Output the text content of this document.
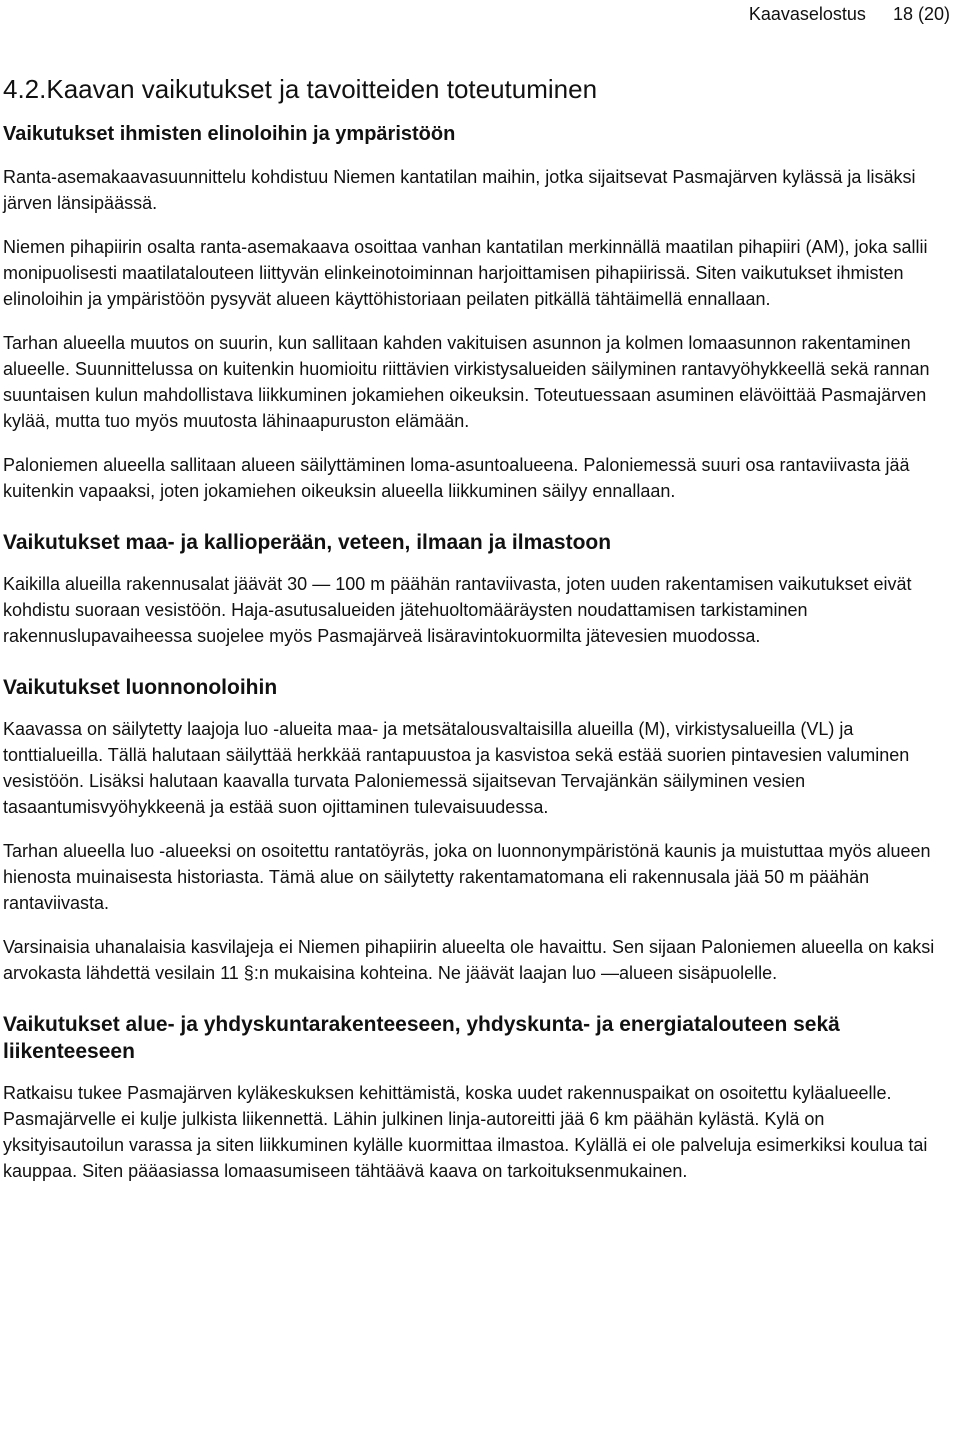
Kaavaselostus 18 (20)
4.2.Kaavan vaikutukset ja tavoitteiden toteutuminen
Vaikutukset ihmisten elinoloihin ja ympäristöön

Ranta-asemakaavasuunnittelu kohdistuu Niemen kantatilan maihin, jotka sijaitsevat Pasmajärven kylässä ja lisäksi järven länsipäässä.

Niemen pihapiirin osalta ranta-asemakaava osoittaa vanhan kantatilan merkinnällä maatilan pihapiiri (AM), joka sallii monipuolisesti maatilatalouteen liittyvän elinkeinotoiminnan harjoittamisen pihapiirissä. Siten vaikutukset ihmisten elinoloihin ja ympäristöön pysyvät alueen käyttöhistoriaan peilaten pitkällä tähtäimellä ennallaan.

Tarhan alueella muutos on suurin, kun sallitaan kahden vakituisen asunnon ja kolmen lomaasunnon rakentaminen alueelle. Suunnittelussa on kuitenkin huomioitu riittävien virkistysalueiden säilyminen rantavyöhykkeellä sekä rannan suuntaisen kulun mahdollistava liikkuminen jokamiehen oikeuksin. Toteutuessaan asuminen elävöittää Pasmajärven kylää, mutta tuo myös muutosta lähinaapuruston elämään.

Paloniemen alueella sallitaan alueen säilyttäminen loma-asuntoalueena. Paloniemessä suuri osa rantaviivasta jää kuitenkin vapaaksi, joten jokamiehen oikeuksin alueella liikkuminen säilyy ennallaan.

Vaikutukset maa- ja kallioperään, veteen, ilmaan ja ilmastoon

Kaikilla alueilla rakennusalat jäävät 30 — 100 m päähän rantaviivasta, joten uuden rakentamisen vaikutukset eivät kohdistu suoraan vesistöön. Haja-asutusalueiden jätehuoltomääräysten noudattamisen tarkistaminen rakennuslupavaiheessa suojelee myös Pasmajärveä lisäravintokuormilta jätevesien muodossa.

Vaikutukset luonnonoloihin

Kaavassa on säilytetty laajoja luo -alueita maa- ja metsätalousvaltaisilla alueilla (M), virkistysalueilla (VL) ja tonttialueilla. Tällä halutaan säilyttää herkkää rantapuustoa ja kasvistoa sekä estää suorien pintavesien valuminen vesistöön. Lisäksi halutaan kaavalla turvata Paloniemessä sijaitsevan Tervajänkän säilyminen vesien tasaantumisvyöhykkeenä ja estää suon ojittaminen tulevaisuudessa.

Tarhan alueella luo -alueeksi on osoitettu rantatöyräs, joka on luonnonympäristönä kaunis ja muistuttaa myös alueen hienosta muinaisesta historiasta. Tämä alue on säilytetty rakentamatomana eli rakennusala jää 50 m päähän rantaviivasta.

Varsinaisia uhanalaisia kasvilajeja ei Niemen pihapiirin alueelta ole havaittu. Sen sijaan Paloniemen alueella on kaksi arvokasta lähdettä vesilain 11 §:n mukaisina kohteina. Ne jäävät laajan luo —alueen sisäpuolelle.

Vaikutukset alue- ja yhdyskuntarakenteeseen, yhdyskunta- ja energiatalouteen sekä liikenteeseen

Ratkaisu tukee Pasmajärven kyläkeskuksen kehittämistä, koska uudet rakennuspaikat on osoitettu kyläalueelle. Pasmajärvelle ei kulje julkista liikennettä. Lähin julkinen linja-autoreitti jää 6 km päähän kylästä. Kylä on yksityisautoilun varassa ja siten liikkuminen kylälle kuormittaa ilmastoa. Kylällä ei ole palveluja esimerkiksi koulua tai kauppaa. Siten pääasiassa lomaasumiseen tähtäävä kaava on tarkoituksenmukainen.
